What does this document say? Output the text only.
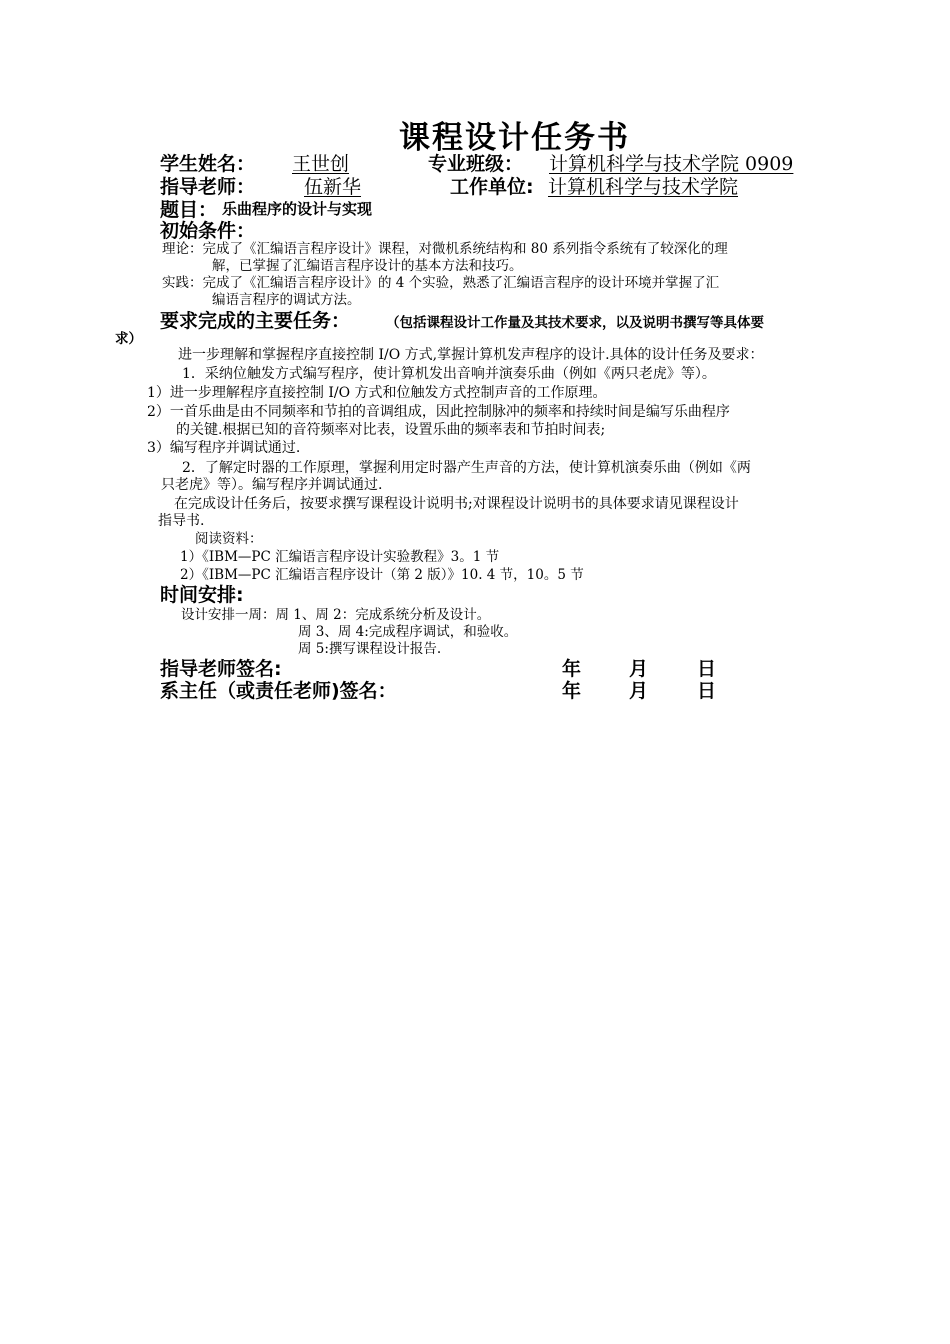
课程设计任务书
学生姓名：	王世创	专业班级：	计算机科学与技术学院 0909
指导老师：	伍新华	工作单位: 计算机科学与技术学院
题目： 乐曲程序的设计与实现
初始条件：
理论：完成了《汇编语言程序设计》课程，对微机系统结构和 80 系列指令系统有了较深化的理
解，已掌握了汇编语言程序设计的基本方法和技巧。
实践：完成了《汇编语言程序设计》的 4 个实验，熟悉了汇编语言程序的设计环境并掌握了汇
编语言程序的调试方法。
要求完成的主要任务：	（包括课程设计工作量及其技术要求，以及说明书撰写等具体要
求）
进一步理解和掌握程序直接控制 I/O 方式,掌握计算机发声程序的设计.具体的设计任务及要求：
1．采纳位触发方式编写程序，使计算机发出音响并演奏乐曲（例如《两只老虎》等）。
1）进一步理解程序直接控制 I/O 方式和位触发方式控制声音的工作原理。
2）一首乐曲是由不同频率和节拍的音调组成，因此控制脉冲的频率和持续时间是编写乐曲程序
的关键.根据已知的音符频率对比表，设置乐曲的频率表和节拍时间表;
3）编写程序并调试通过.
2．了解定时器的工作原理，掌握利用定时器产生声音的方法，使计算机演奏乐曲（例如《两
只老虎》等）。编写程序并调试通过.
在完成设计任务后，按要求撰写课程设计说明书;对课程设计说明书的具体要求请见课程设计
指导书.
阅读资料：
1）《IBM—PC 汇编语言程序设计实验教程》3。1 节
2）《IBM—PC 汇编语言程序设计（第 2 版）》10. 4 节，10。5 节
时间安排:
设计安排一周：周 1、周 2：完成系统分析及设计。
周 3、周 4:完成程序调试，和验收。
周 5:撰写课程设计报告.
指导老师签名:	年	月	日
系主任（或责任老师)签名：	年	月	日
